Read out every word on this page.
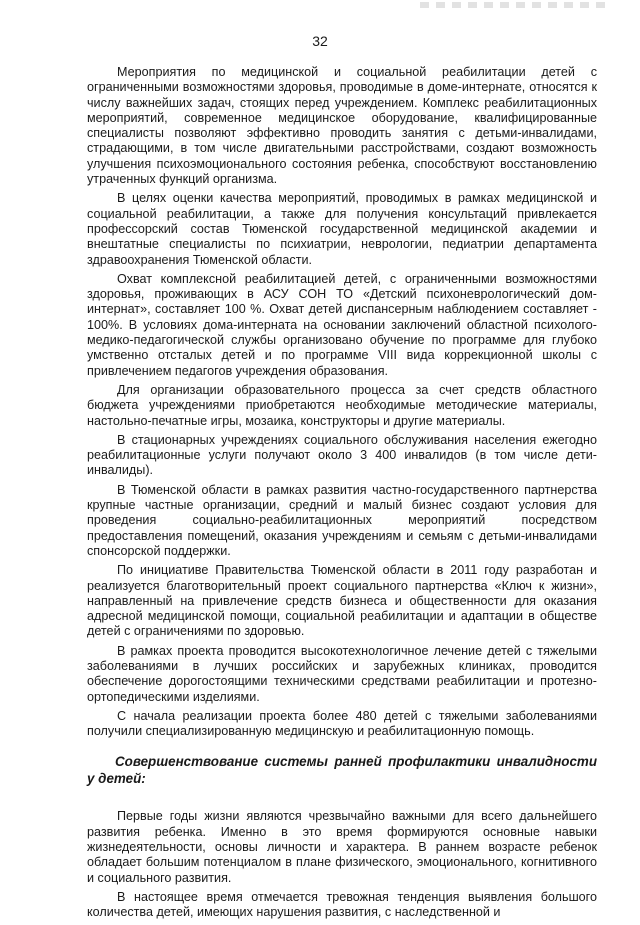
32

Мероприятия по медицинской и социальной реабилитации детей с ограниченными возможностями здоровья, проводимые в доме-интернате, относятся к числу важнейших задач, стоящих перед учреждением. Комплекс реабилитационных мероприятий, современное медицинское оборудование, квалифицированные специалисты позволяют эффективно проводить занятия с детьми-инвалидами, страдающими, в том числе двигательными расстройствами, создают возможность улучшения психоэмоционального состояния ребенка, способствуют восстановлению утраченных функций организма.

В целях оценки качества мероприятий, проводимых в рамках медицинской и социальной реабилитации, а также для получения консультаций привлекается профессорский состав Тюменской государственной медицинской академии и внештатные специалисты по психиатрии, неврологии, педиатрии департамента здравоохранения Тюменской области.

Охват комплексной реабилитацией детей, с ограниченными возможностями здоровья, проживающих в АСУ СОН ТО «Детский психоневрологический дом-интернат», составляет 100 %. Охват детей диспансерным наблюдением составляет - 100%. В условиях дома-интерната на основании заключений областной психолого-медико-педагогической службы организовано обучение по программе для глубоко умственно отсталых детей и по программе VIII вида коррекционной школы с привлечением педагогов учреждения образования.

Для организации образовательного процесса за счет средств областного бюджета учреждениями приобретаются необходимые методические материалы, настольно-печатные игры, мозаика, конструкторы и другие материалы.

В стационарных учреждениях социального обслуживания населения ежегодно реабилитационные услуги получают около 3 400 инвалидов (в том числе дети-инвалиды).

В Тюменской области в рамках развития частно-государственного партнерства крупные частные организации, средний и малый бизнес создают условия для проведения социально-реабилитационных мероприятий посредством предоставления помещений, оказания учреждениям и семьям с детьми-инвалидами спонсорской поддержки.

По инициативе Правительства Тюменской области в 2011 году разработан и реализуется благотворительный проект социального партнерства «Ключ к жизни», направленный на привлечение средств бизнеса и общественности для оказания адресной медицинской помощи, социальной реабилитации и адаптации в обществе детей с ограничениями по здоровью.

В рамках проекта проводится высокотехнологичное лечение детей с тяжелыми заболеваниями в лучших российских и зарубежных клиниках, проводится обеспечение дорогостоящими техническими средствами реабилитации и протезно-ортопедическими изделиями.

С начала реализации проекта более 480 детей с тяжелыми заболеваниями получили специализированную медицинскую и реабилитационную помощь.

Совершенствование системы ранней профилактики инвалидности у детей:

Первые годы жизни являются чрезвычайно важными для всего дальнейшего развития ребенка. Именно в это время формируются основные навыки жизнедеятельности, основы личности и характера. В раннем возрасте ребенок обладает большим потенциалом в плане физического, эмоционального, когнитивного и социального развития.

В настоящее время отмечается тревожная тенденция выявления большого количества детей, имеющих нарушения развития, с наследственной и
